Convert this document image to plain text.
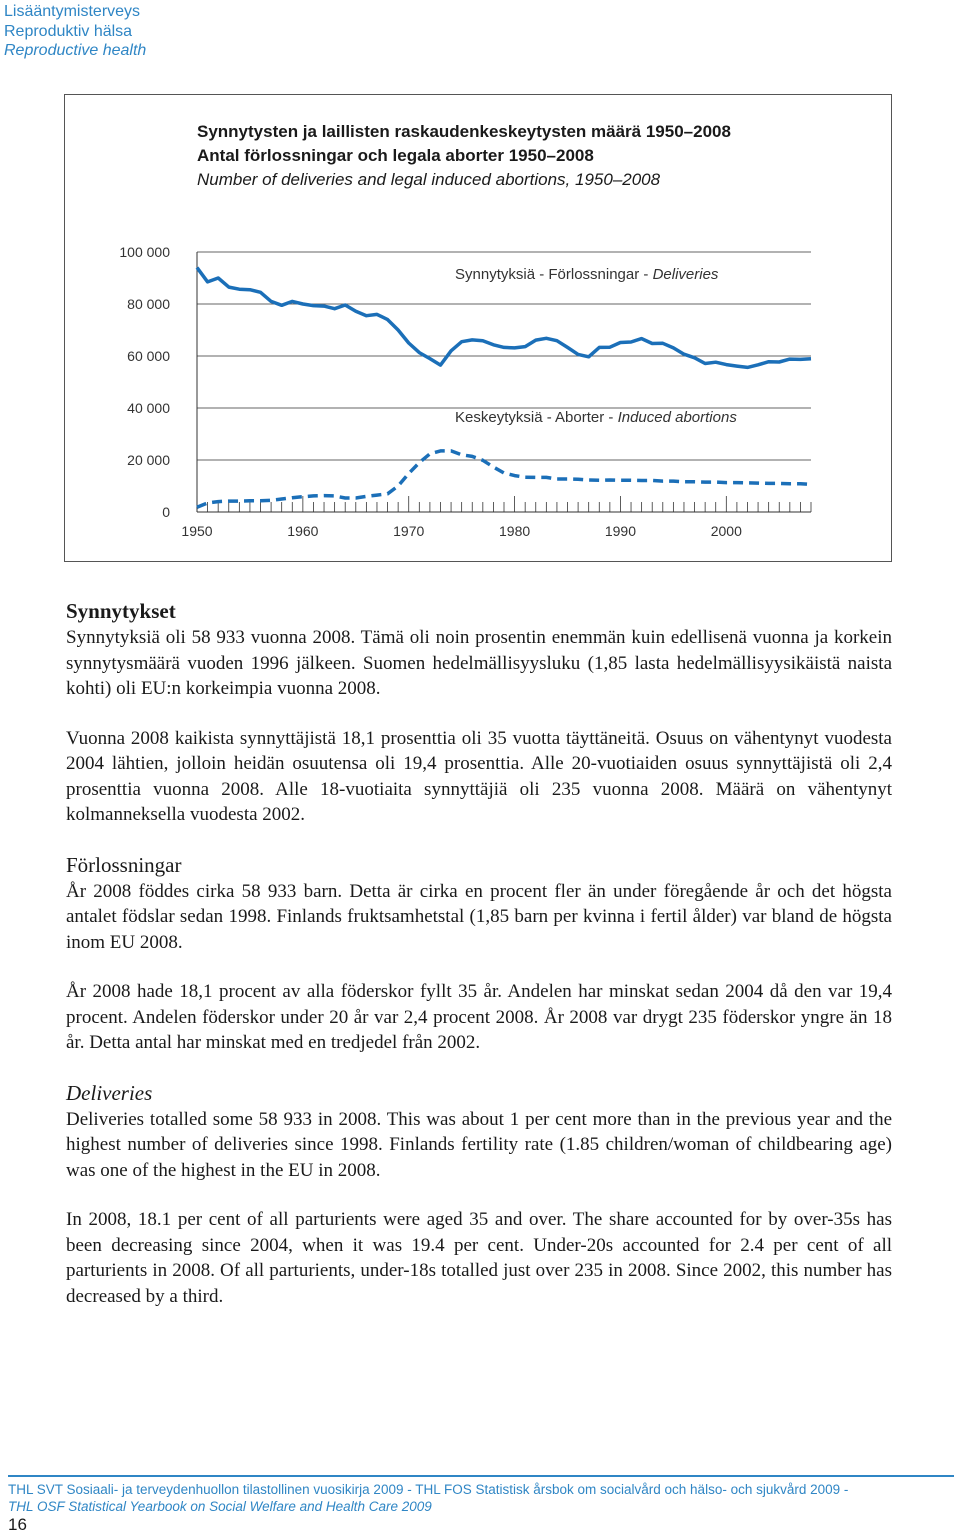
Lisääntymisterveys
Reproduktiv hälsa
Reproductive health
Synnytysten ja laillisten raskaudenkeskeytysten määrä 1950–2008
Antal förlossningar och legala aborter 1950–2008
Number of deliveries and legal induced abortions, 1950–2008
100 000
80 000
60 000
40 000
20 000
0
1950	1960	1970	1980	1990	2000
Synnytyksiä - Förlossningar - Deliveries
Keskeytyksiä - Aborter - Induced abortions
Synnytykset

Synnytyksiä oli 58 933 vuonna 2008. Tämä oli noin prosentin enemmän kuin edellisenä vuonna ja korkein synnytysmäärä vuoden 1996 jälkeen. Suomen hedelmällisyysluku (1,85 lasta hedelmällisyysikäistä naista kohti) oli EU:n korkeimpia vuonna 2008.

Vuonna 2008 kaikista synnyttäjistä 18,1 prosenttia oli 35 vuotta täyttäneitä. Osuus on vähentynyt vuodesta 2004 lähtien, jolloin heidän osuutensa oli 19,4 prosenttia. Alle 20-vuotiaiden osuus synnyttäjistä oli 2,4 prosenttia vuonna 2008. Alle 18-vuotiaita synnyttäjiä oli 235 vuonna 2008. Määrä on vähentynyt kolmanneksella vuodesta 2002.

Förlossningar

År 2008 föddes cirka 58 933 barn. Detta är cirka en procent fler än under föregående år och det högsta antalet födslar sedan 1998. Finlands fruktsamhetstal (1,85 barn per kvinna i fertil ålder) var bland de högsta inom EU 2008.

År 2008 hade 18,1 procent av alla föderskor fyllt 35 år. Andelen har minskat sedan 2004 då den var 19,4 procent. Andelen föderskor under 20 år var 2,4 procent 2008. År 2008 var drygt 235 föderskor yngre än 18 år. Detta antal har minskat med en tredjedel från 2002.

Deliveries

Deliveries totalled some 58 933 in 2008. This was about 1 per cent more than in the previous year and the highest number of deliveries since 1998. Finlands fertility rate (1.85 children/woman of childbearing age) was one of the highest in the EU in 2008.

In 2008, 18.1 per cent of all parturients were aged 35 and over. The share accounted for by over-35s has been decreasing since 2004, when it was 19.4 per cent. Under-20s accounted for 2.4 per cent of all parturients in 2008. Of all parturients, under-18s totalled just over 235 in 2008. Since 2002, this number has decreased by a third.

THL SVT Sosiaali- ja terveydenhuollon tilastollinen vuosikirja 2009 - THL FOS Statistisk årsbok om socialvård och hälso- och sjukvård 2009 -
THL OSF Statistical Yearbook on Social Welfare and Health Care 2009
16
